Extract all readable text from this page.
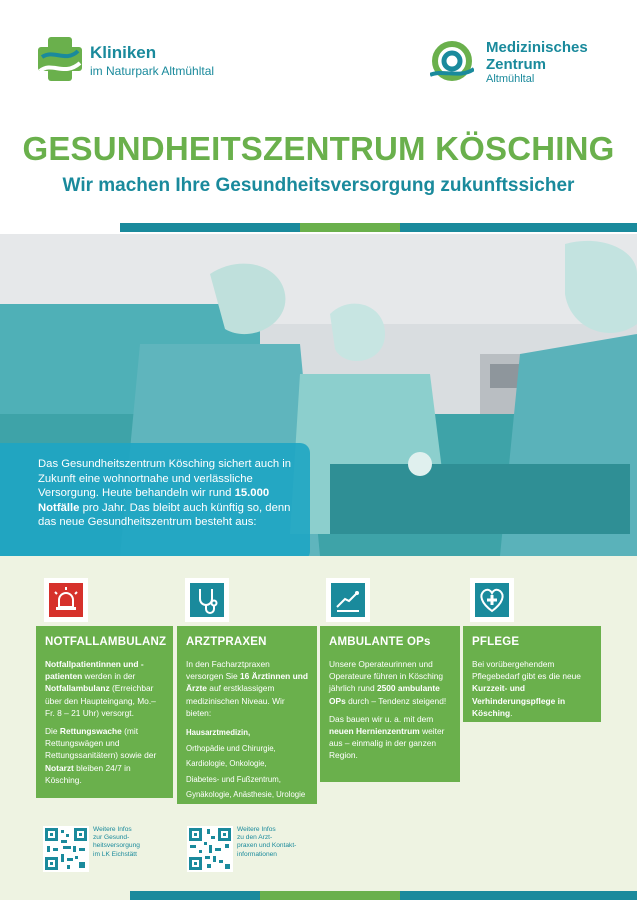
Kliniken
im Naturpark Altmühltal
Medizinisches
Zentrum
Altmühltal
GESUNDHEITSZENTRUM KÖSCHING
Wir machen Ihre Gesundheitsversorgung zukunftssicher
Das Gesundheitszentrum Kösching sichert auch in Zukunft eine wohnortnahe und verlässliche Versorgung. Heute behandeln wir rund 15.000 Notfälle pro Jahr. Das bleibt auch künftig so, denn das neue Gesundheitszentrum besteht aus:
NOTFALLAMBULANZ

Notfallpatientinnen und -patienten werden in der Notfallambulanz (Erreichbar über den Haupteingang, Mo.– Fr. 8 – 21 Uhr) versorgt.

Die Rettungswache (mit Rettungswägen und Rettungssanitätern) sowie der Notarzt bleiben 24/7 in Kösching.

ARZTPRAXEN

In den Facharztpraxen versorgen Sie 16 Ärztinnen und Ärzte auf erstklassigem medizinischen Niveau. Wir bieten:

Hausarztmedizin,
Orthopädie und Chirurgie,
Kardiologie, Onkologie,
Diabetes- und Fußzentrum,
Gynäkologie, Anästhesie, Urologie
AMBULANTE OPs

Unsere Operateurinnen und Operateure führen in Kösching jährlich rund 2500 ambulante OPs durch – Tendenz steigend!

Das bauen wir u. a. mit dem neuen Hernienzentrum weiter aus – einmalig in der ganzen Region.

PFLEGE

Bei vorübergehendem Pflegebedarf gibt es die neue Kurzzeit- und Verhinderungspflege in Kösching.

Weitere Infos
zur Gesund-
heitsversorgung
im LK Eichstätt
Weitere Infos
zu den Arzt-
praxen und Kontakt-
informationen
